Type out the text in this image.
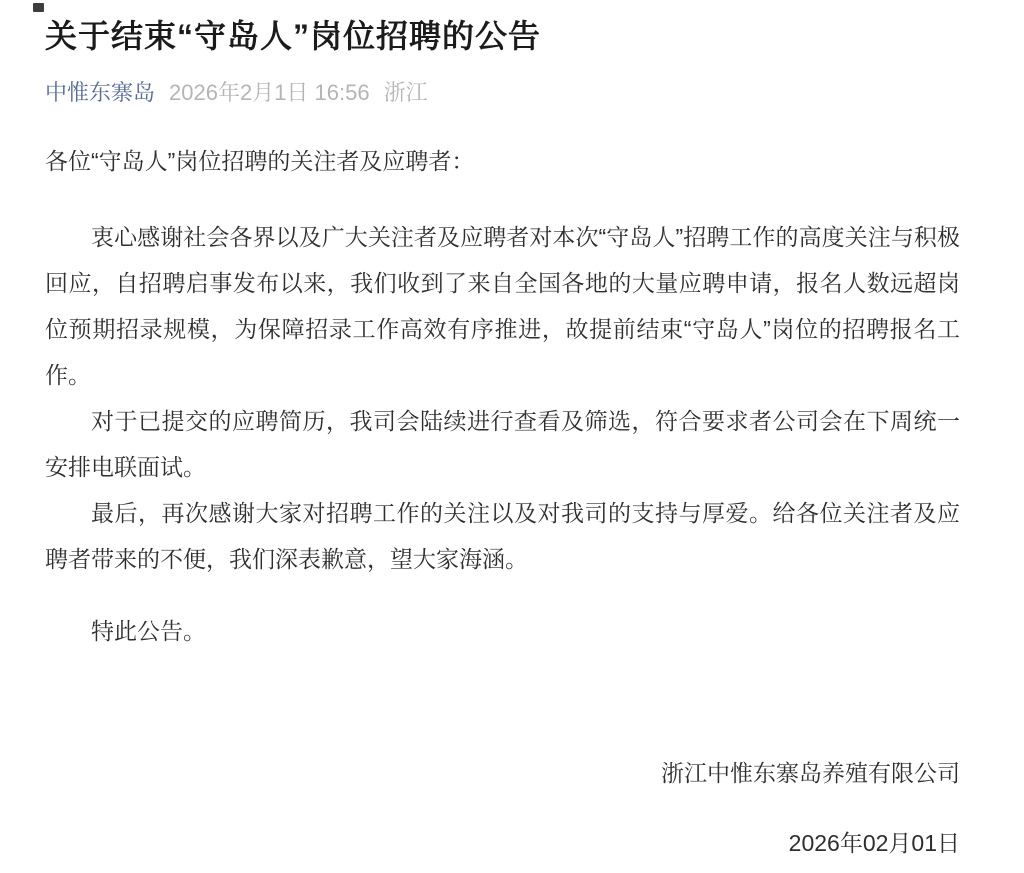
关于结束“守岛人”岗位招聘的公告
中惟东寨岛 2026年2月1日 16:56 浙江

各位“守岛人”岗位招聘的关注者及应聘者：

衷心感谢社会各界以及广大关注者及应聘者对本次“守岛人”招聘工作的高度关注与积极回应，自招聘启事发布以来，我们收到了来自全国各地的大量应聘申请，报名人数远超岗位预期招录规模，为保障招录工作高效有序推进，故提前结束“守岛人”岗位的招聘报名工作。

对于已提交的应聘简历，我司会陆续进行查看及筛选，符合要求者公司会在下周统一安排电联面试。

最后，再次感谢大家对招聘工作的关注以及对我司的支持与厚爱。给各位关注者及应聘者带来的不便，我们深表歉意，望大家海涵。

特此公告。

浙江中惟东寨岛养殖有限公司

2026年02月01日
